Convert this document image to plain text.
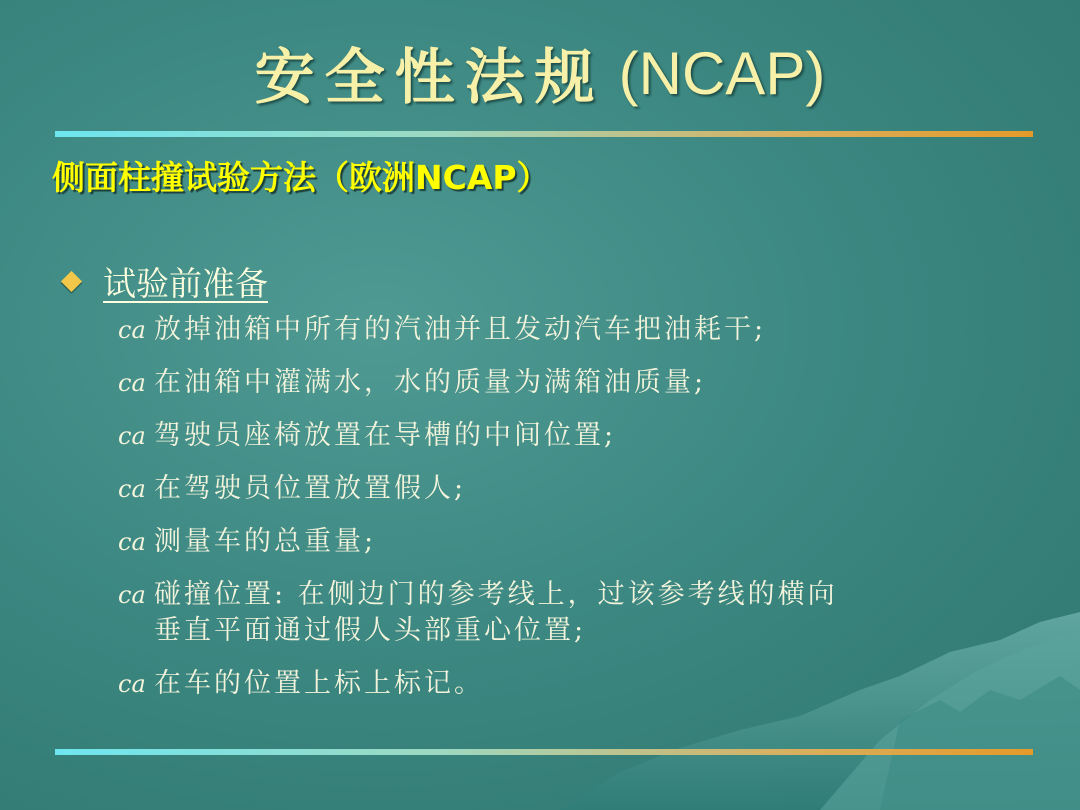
安全性法规 (NCAP)
侧面柱撞试验方法（欧洲NCAP）
试验前准备
ca 放掉油箱中所有的汽油并且发动汽车把油耗干;
ca 在油箱中灌满水，水的质量为满箱油质量;
ca 驾驶员座椅放置在导槽的中间位置;
ca 在驾驶员位置放置假人;
ca 测量车的总重量;
ca 碰撞位置: 在侧边门的参考线上，过该参考线的横向
垂直平面通过假人头部重心位置;
ca 在车的位置上标上标记。
